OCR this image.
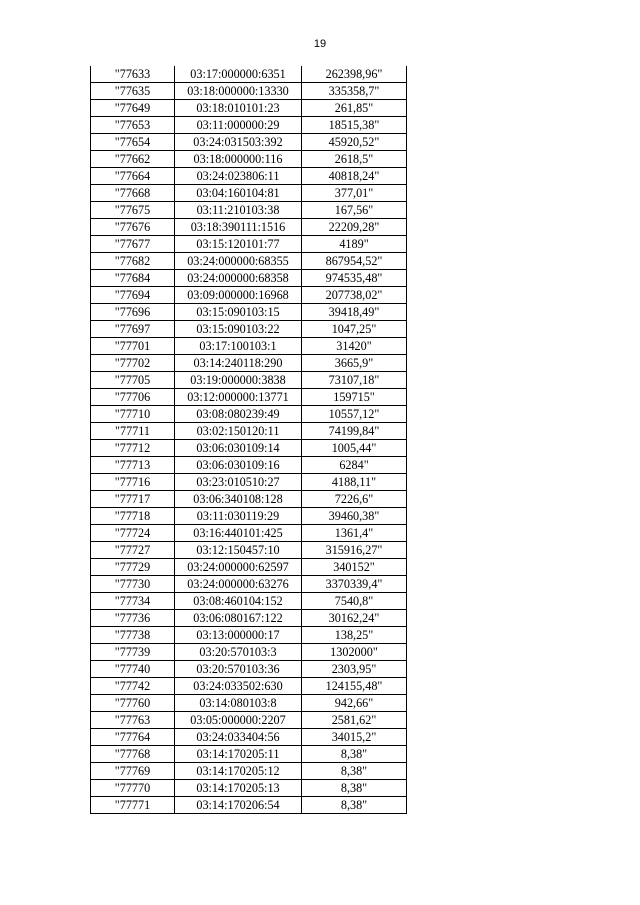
19
"77633	03:17:000000:6351	262398,96"
"77635	03:18:000000:13330	335358,7"
"77649	03:18:010101:23	261,85"
"77653	03:11:000000:29	18515,38"
"77654	03:24:031503:392	45920,52"
"77662	03:18:000000:116	2618,5"
"77664	03:24:023806:11	40818,24"
"77668	03:04:160104:81	377,01"
"77675	03:11:210103:38	167,56"
"77676	03:18:390111:1516	22209,28"
"77677	03:15:120101:77	4189"
"77682	03:24:000000:68355	867954,52"
"77684	03:24:000000:68358	974535,48"
"77694	03:09:000000:16968	207738,02"
"77696	03:15:090103:15	39418,49"
"77697	03:15:090103:22	1047,25"
"77701	03:17:100103:1	31420"
"77702	03:14:240118:290	3665,9"
"77705	03:19:000000:3838	73107,18"
"77706	03:12:000000:13771	159715"
"77710	03:08:080239:49	10557,12"
"77711	03:02:150120:11	74199,84"
"77712	03:06:030109:14	1005,44"
"77713	03:06:030109:16	6284"
"77716	03:23:010510:27	4188,11"
"77717	03:06:340108:128	7226,6"
"77718	03:11:030119:29	39460,38"
"77724	03:16:440101:425	1361,4"
"77727	03:12:150457:10	315916,27"
"77729	03:24:000000:62597	340152"
"77730	03:24:000000:63276	3370339,4"
"77734	03:08:460104:152	7540,8"
"77736	03:06:080167:122	30162,24"
"77738	03:13:000000:17	138,25"
"77739	03:20:570103:3	1302000"
"77740	03:20:570103:36	2303,95"
"77742	03:24:033502:630	124155,48"
"77760	03:14:080103:8	942,66"
"77763	03:05:000000:2207	2581,62"
"77764	03:24:033404:56	34015,2"
"77768	03:14:170205:11	8,38"
"77769	03:14:170205:12	8,38"
"77770	03:14:170205:13	8,38"
"77771	03:14:170206:54	8,38"
